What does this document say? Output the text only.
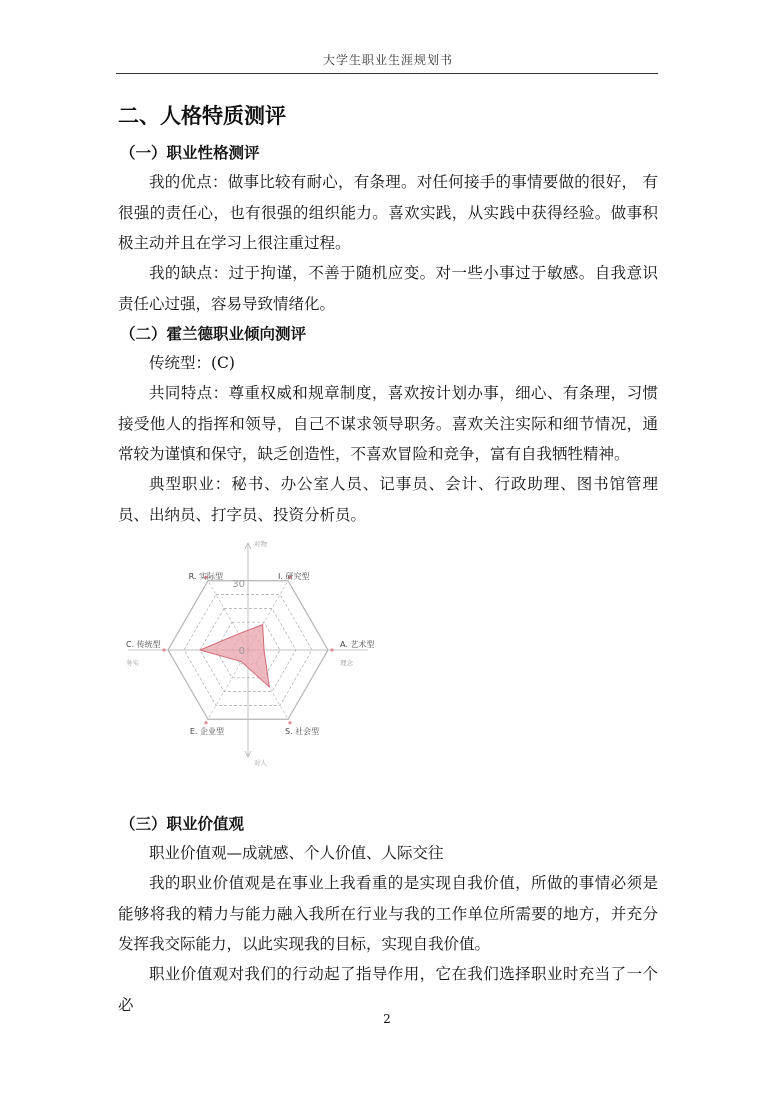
大学生职业生涯规划书
二、人格特质测评
（一）职业性格测评

我的优点：做事比较有耐心，有条理。对任何接手的事情要做的很好， 有很强的责任心，也有很强的组织能力。喜欢实践，从实践中获得经验。做事积极主动并且在学习上很注重过程。

我的缺点：过于拘谨，不善于随机应变。对一些小事过于敏感。自我意识责任心过强，容易导致情绪化。

（二）霍兰德职业倾向测评

传统型：(C)

共同特点：尊重权威和规章制度，喜欢按计划办事，细心、有条理，习惯接受他人的指挥和领导，自己不谋求领导职务。喜欢关注实际和细节情况，通常较为谨慎和保守，缺乏创造性，不喜欢冒险和竞争，富有自我牺牲精神。

典型职业：秘书、办公室人员、记事员、会计、行政助理、图书馆管理员、出纳员、打字员、投资分析员。

30
0
R. 实际型	I. 研究型
A. 艺术型
S. 社会型
E. 企业型
C. 传统型
对物
对人
务实	理念
（三）职业价值观

职业价值观—成就感、个人价值、人际交往

我的职业价值观是在事业上我看重的是实现自我价值，所做的事情必须是能够将我的精力与能力融入我所在行业与我的工作单位所需要的地方，并充分发挥我交际能力，以此实现我的目标，实现自我价值。

职业价值观对我们的行动起了指导作用，它在我们选择职业时充当了一个必

2
